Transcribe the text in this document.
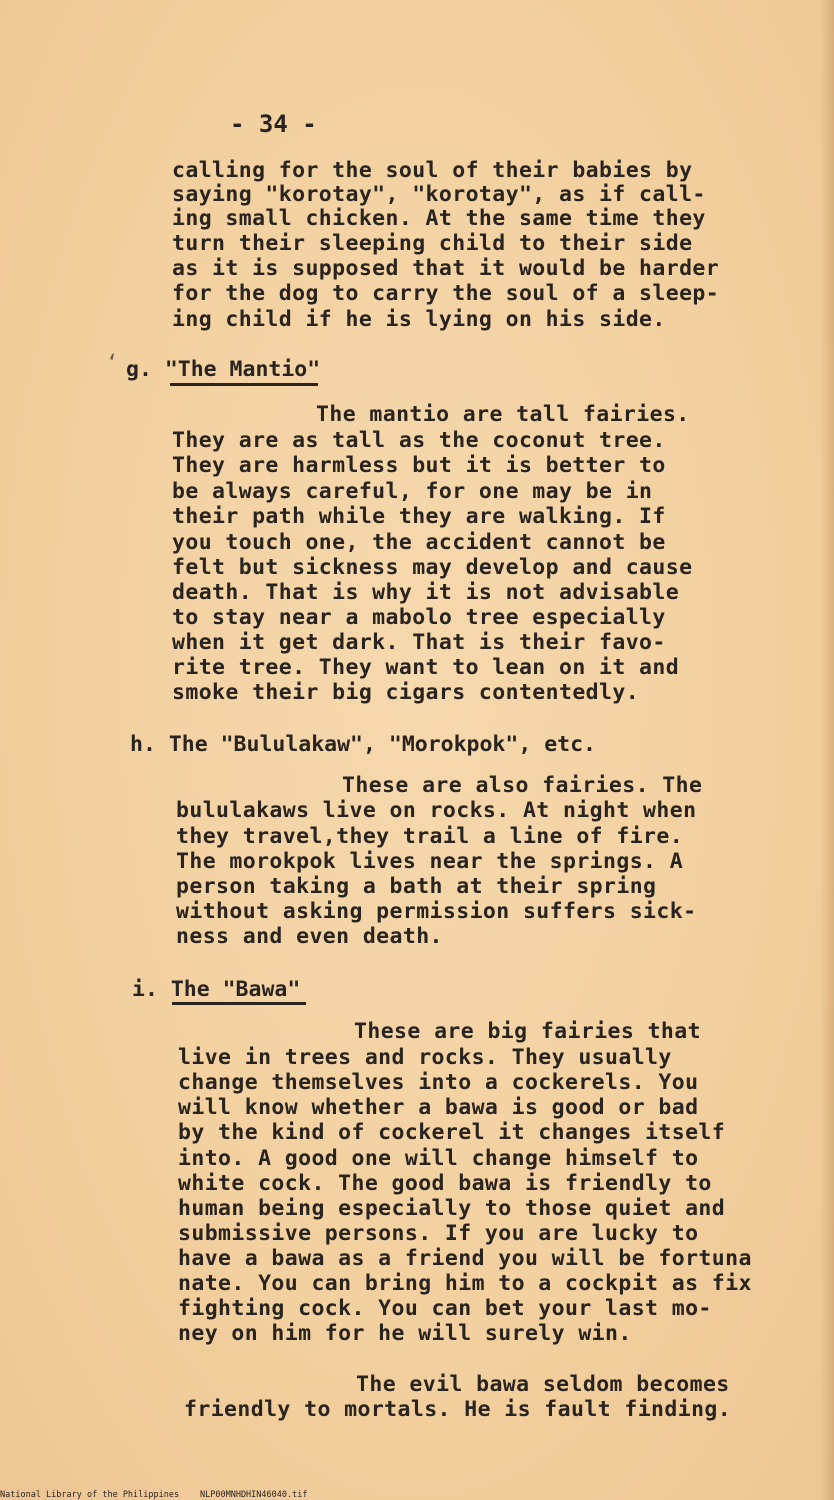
- 34 -
calling for the soul of their babies by
saying "korotay", "korotay", as if call-
ing small chicken. At the same time they
turn their sleeping child to their side
as it is supposed that it would be harder
for the dog to carry the soul of a sleep-
ing child if he is lying on his side.
ʻ g. "The Mantio"
The mantio are tall fairies.
They are as tall as the coconut tree.
They are harmless but it is better to
be always careful, for one may be in
their path while they are walking. If
you touch one, the accident cannot be
felt but sickness may develop and cause
death. That is why it is not advisable
to stay near a mabolo tree especially
when it get dark. That is their favo-
rite tree. They want to lean on it and
smoke their big cigars contentedly.
h. The "Bululakaw", "Morokpok", etc.
These are also fairies. The
bululakaws live on rocks. At night when
they travel,they trail a line of fire.
The morokpok lives near the springs. A
person taking a bath at their spring
without asking permission suffers sick-
ness and even death.
i. The "Bawa"
These are big fairies that
live in trees and rocks. They usually
change themselves into a cockerels. You
will know whether a bawa is good or bad
by the kind of cockerel it changes itself
into. A good one will change himself to
white cock. The good bawa is friendly to
human being especially to those quiet and
submissive persons. If you are lucky to
have a bawa as a friend you will be fortuna
nate. You can bring him to a cockpit as fix
fighting cock. You can bet your last mo-
ney on him for he will surely win.
The evil bawa seldom becomes
friendly to mortals. He is fault finding.
National Library of the Philippines NLP00MNHDHIN46040.tif
